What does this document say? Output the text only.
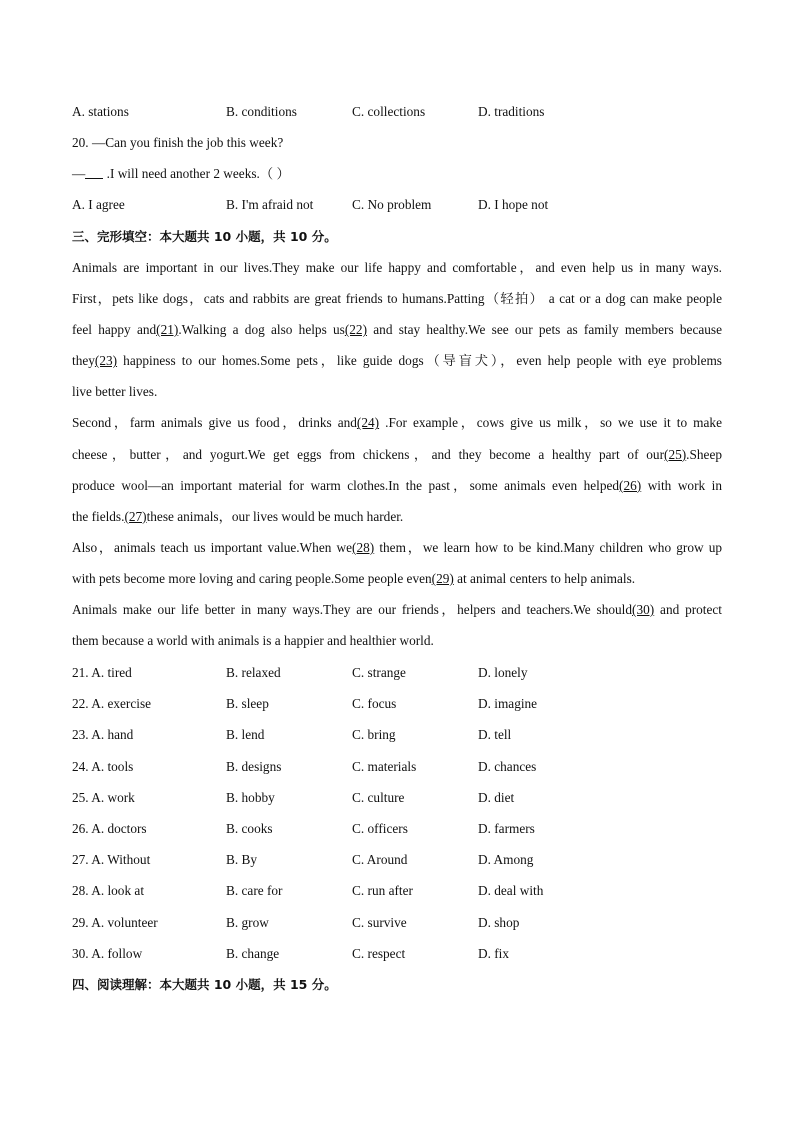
A. stations	B. conditions	C. collections	D. traditions
20. —Can you finish the job this week?
— .I will need another 2 weeks.（ ）
A. I agree	B. I'm afraid not	C. No problem	D. I hope not
三、完形填空：本大题共 10 小题，共 10 分。
Animals are important in our lives.They make our life happy and comfortable，and even help us in many ways.
First，pets like dogs，cats and rabbits are great friends to humans.Patting（轻拍） a cat or a dog can make people
feel happy and(21).Walking a dog also helps us(22) and stay healthy.We see our pets as family members because
they(23) happiness to our homes.Some pets，like guide dogs（导盲犬），even help people with eye problems
live better lives.
Second，farm animals give us food，drinks and(24) .For example，cows give us milk，so we use it to make
cheese，butter，and yogurt.We get eggs from chickens，and they become a healthy part of our(25).Sheep
produce wool—an important material for warm clothes.In the past，some animals even helped(26) with work in
the fields.(27)these animals，our lives would be much harder.
Also，animals teach us important value.When we(28) them，we learn how to be kind.Many children who grow up
with pets become more loving and caring people.Some people even(29) at animal centers to help animals.
Animals make our life better in many ways.They are our friends，helpers and teachers.We should(30) and protect
them because a world with animals is a happier and healthier world.
21. A. tired	B. relaxed	C. strange	D. lonely
22. A. exercise	B. sleep	C. focus	D. imagine
23. A. hand	B. lend	C. bring	D. tell
24. A. tools	B. designs	C. materials	D. chances
25. A. work	B. hobby	C. culture	D. diet
26. A. doctors	B. cooks	C. officers	D. farmers
27. A. Without	B. By	C. Around	D. Among
28. A. look at	B. care for	C. run after	D. deal with
29. A. volunteer	B. grow	C. survive	D. shop
30. A. follow	B. change	C. respect	D. fix
四、阅读理解：本大题共 10 小题，共 15 分。
